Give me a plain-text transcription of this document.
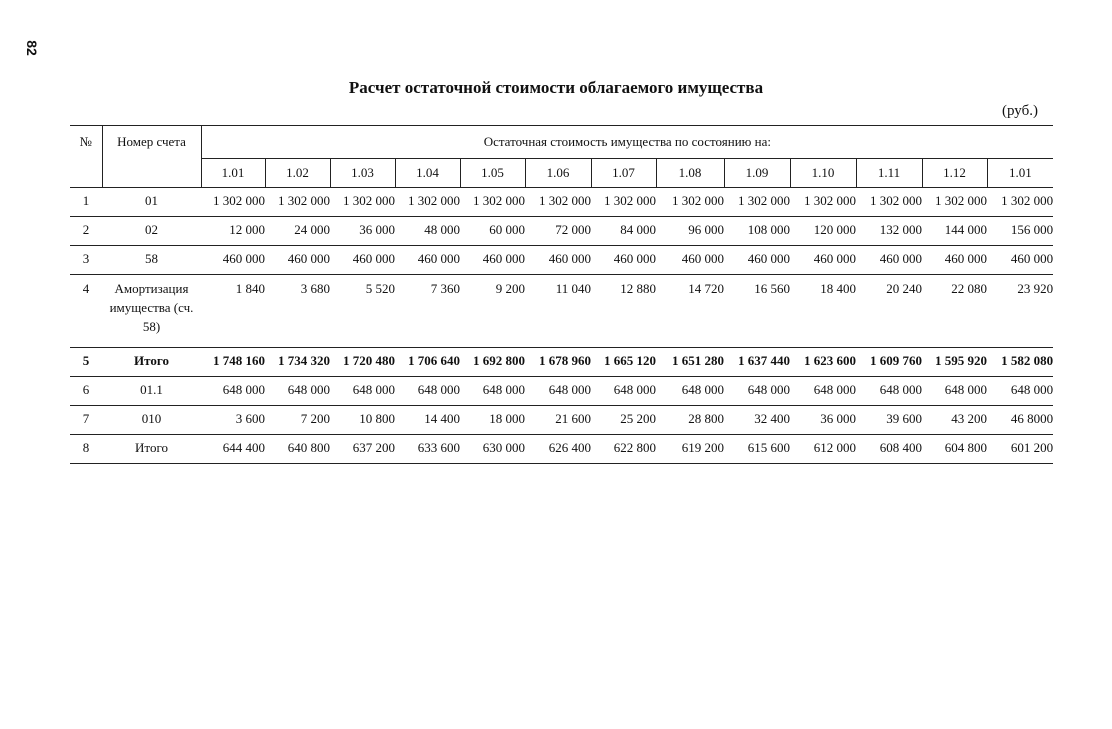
82
Расчет остаточной стоимости облагаемого имущества
(руб.)
№	Номер счета	Остаточная стоимость имущества по состоянию на:												
		1.01	1.02	1.03	1.04	1.05	1.06	1.07	1.08	1.09	1.10	1.11	1.12	1.01
1	01	1 302 000	1 302 000	1 302 000	1 302 000	1 302 000	1 302 000	1 302 000	1 302 000	1 302 000	1 302 000	1 302 000	1 302 000	1 302 000
2	02	12 000	24 000	36 000	48 000	60 000	72 000	84 000	96 000	108 000	120 000	132 000	144 000	156 000
3	58	460 000	460 000	460 000	460 000	460 000	460 000	460 000	460 000	460 000	460 000	460 000	460 000	460 000
4	Амортизация имущества (сч. 58)	1 840	3 680	5 520	7 360	9 200	11 040	12 880	14 720	16 560	18 400	20 240	22 080	23 920
5	Итого	1 748 160	1 734 320	1 720 480	1 706 640	1 692 800	1 678 960	1 665 120	1 651 280	1 637 440	1 623 600	1 609 760	1 595 920	1 582 080
6	01.1	648 000	648 000	648 000	648 000	648 000	648 000	648 000	648 000	648 000	648 000	648 000	648 000	648 000
7	010	3 600	7 200	10 800	14 400	18 000	21 600	25 200	28 800	32 400	36 000	39 600	43 200	46 8000
8	Итого	644 400	640 800	637 200	633 600	630 000	626 400	622 800	619 200	615 600	612 000	608 400	604 800	601 200
